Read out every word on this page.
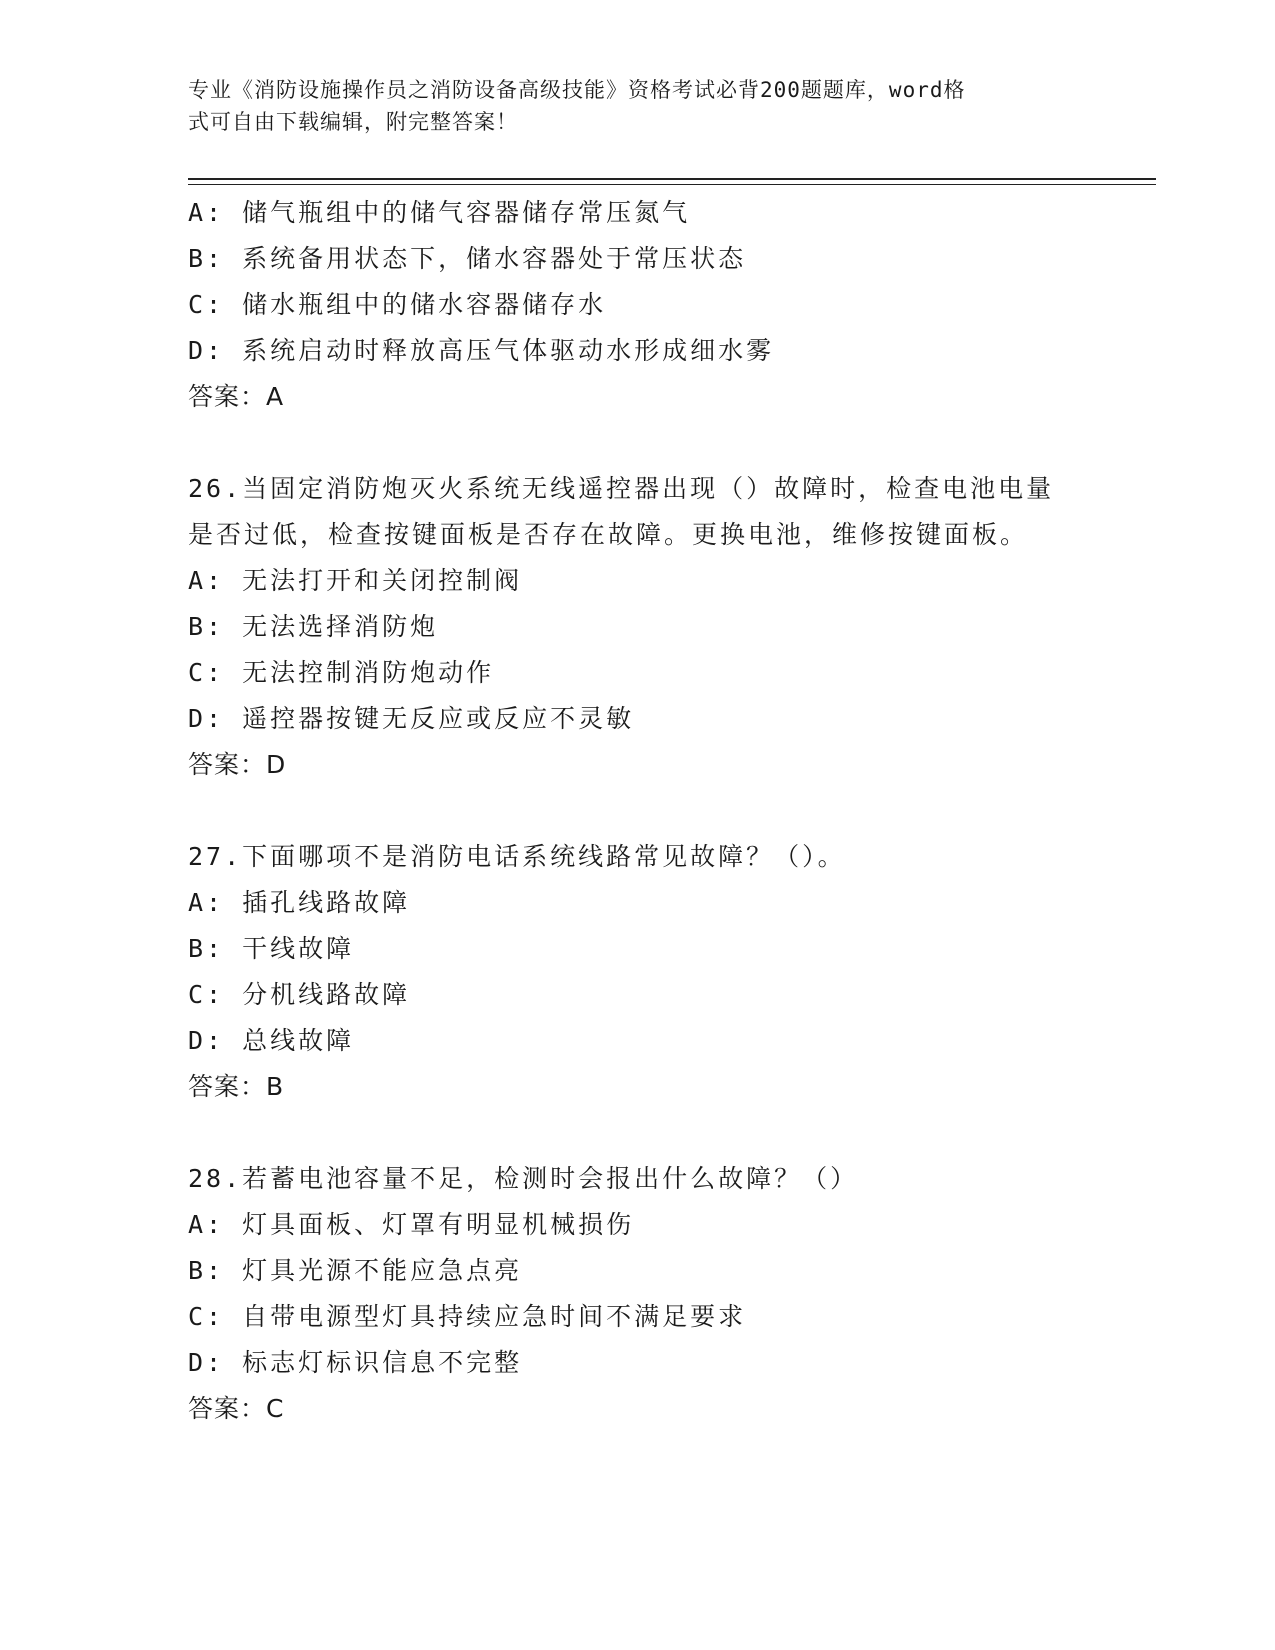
专业《消防设施操作员之消防设备高级技能》资格考试必背200题题库，word格
式可自由下载编辑，附完整答案！
A: 储气瓶组中的储气容器储存常压氮气
B: 系统备用状态下，储水容器处于常压状态
C: 储水瓶组中的储水容器储存水
D: 系统启动时释放高压气体驱动水形成细水雾
答案：A
26.当固定消防炮灭火系统无线遥控器出现（）故障时，检查电池电量
是否过低，检查按键面板是否存在故障。更换电池，维修按键面板。
A: 无法打开和关闭控制阀
B: 无法选择消防炮
C: 无法控制消防炮动作
D: 遥控器按键无反应或反应不灵敏
答案：D
27.下面哪项不是消防电话系统线路常见故障？（）。
A: 插孔线路故障
B: 干线故障
C: 分机线路故障
D: 总线故障
答案：B
28.若蓄电池容量不足，检测时会报出什么故障？（）
A: 灯具面板、灯罩有明显机械损伤
B: 灯具光源不能应急点亮
C: 自带电源型灯具持续应急时间不满足要求
D: 标志灯标识信息不完整
答案：C
